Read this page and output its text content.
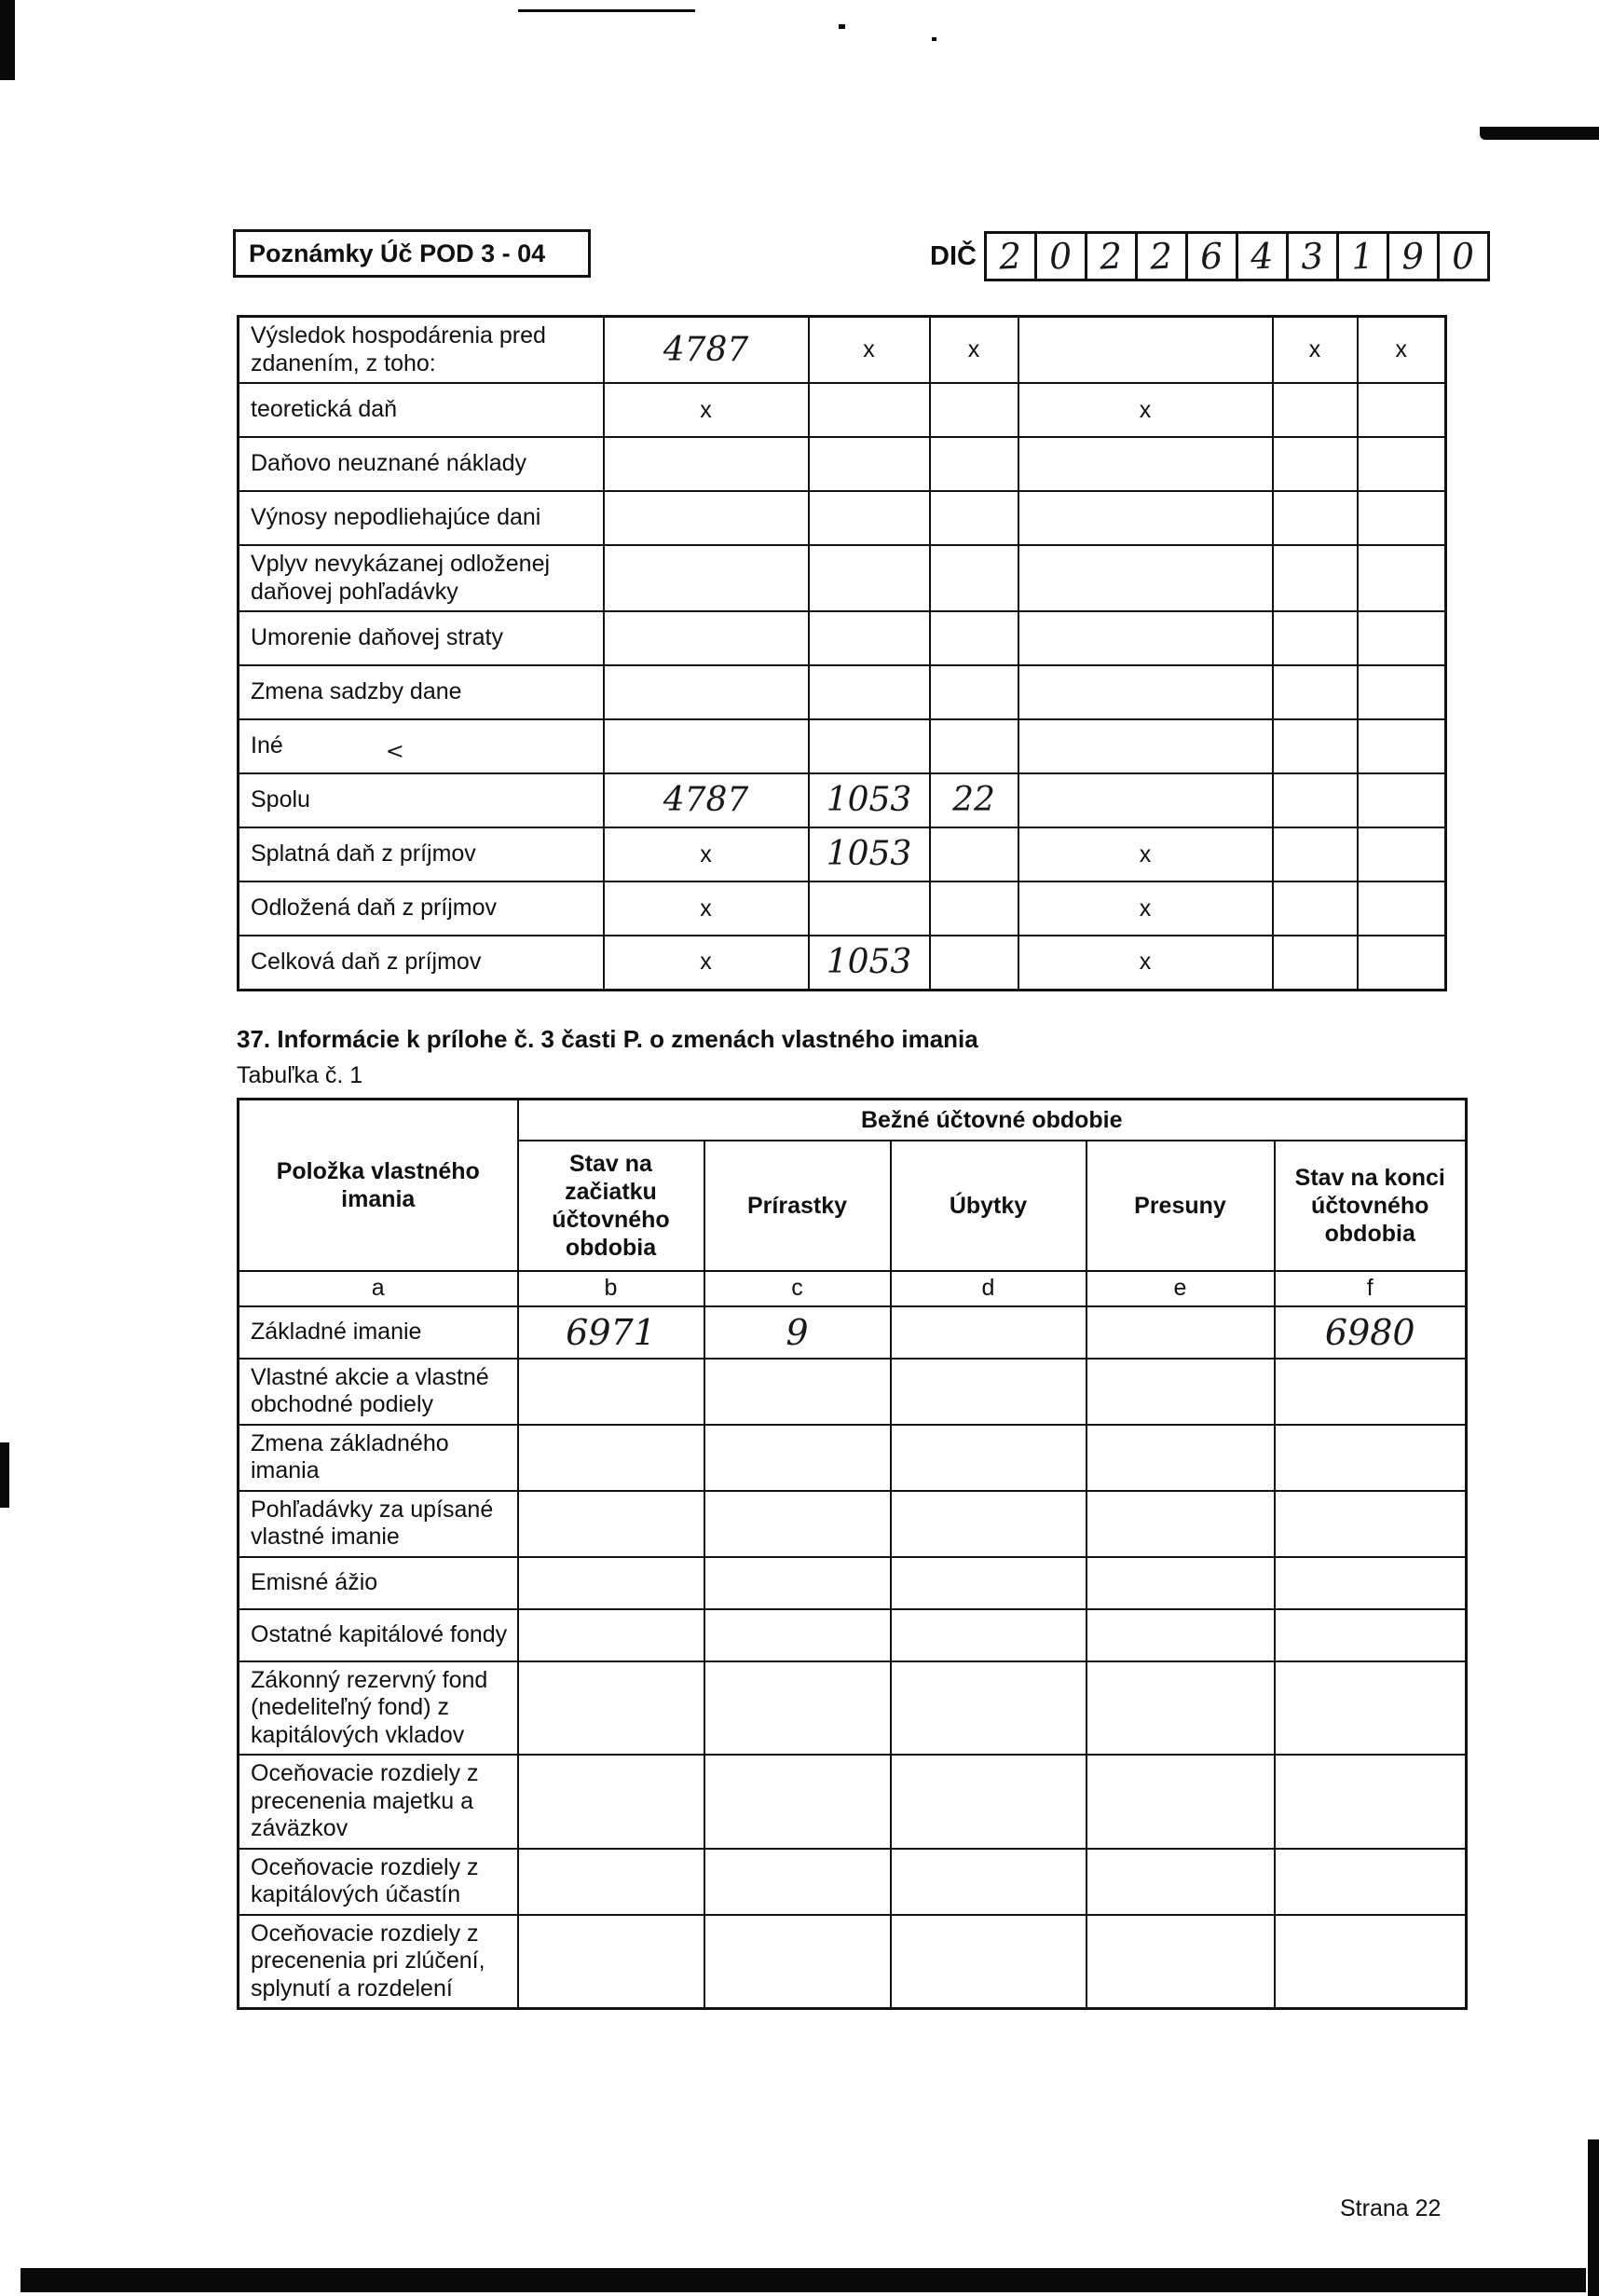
Poznámky Úč POD 3 - 04	DIČ 2 0 2 2 6 4 3 1 9 0
Výsledok hospodárenia pred zdanením, z toho:	4787	x	x		x	x
teoretická daň	x			x		
Daňovo neuznané náklady						
Výnosy nepodliehajúce dani						
Vplyv nevykázanej odloženej daňovej pohľadávky						
Umorenie daňovej straty						
Zmena sadzby dane						
Iné <						
Spolu	4787	1053	22			
Splatná daň z príjmov	x	1053		x		
Odložená daň z príjmov	x			x		
Celková daň z príjmov	x	1053		x		
37. Informácie k prílohe č. 3 časti P. o zmenách vlastného imania
Tabuľka č. 1
Položka vlastného imania	Bežné účtovné obdobie				
	Stav na začiatku účtovného obdobia	Prírastky	Úbytky	Presuny	Stav na konci účtovného obdobia
a	b	c	d	e	f
Základné imanie	6971	9			6980
Vlastné akcie a vlastné obchodné podiely					
Zmena základného imania					
Pohľadávky za upísané vlastné imanie					
Emisné ážio					
Ostatné kapitálové fondy					
Zákonný rezervný fond (nedeliteľný fond) z kapitálových vkladov					
Oceňovacie rozdiely z precenenia majetku a záväzkov					
Oceňovacie rozdiely z kapitálových účastín					
Oceňovacie rozdiely z precenenia pri zlúčení, splynutí a rozdelení					
Strana 22
